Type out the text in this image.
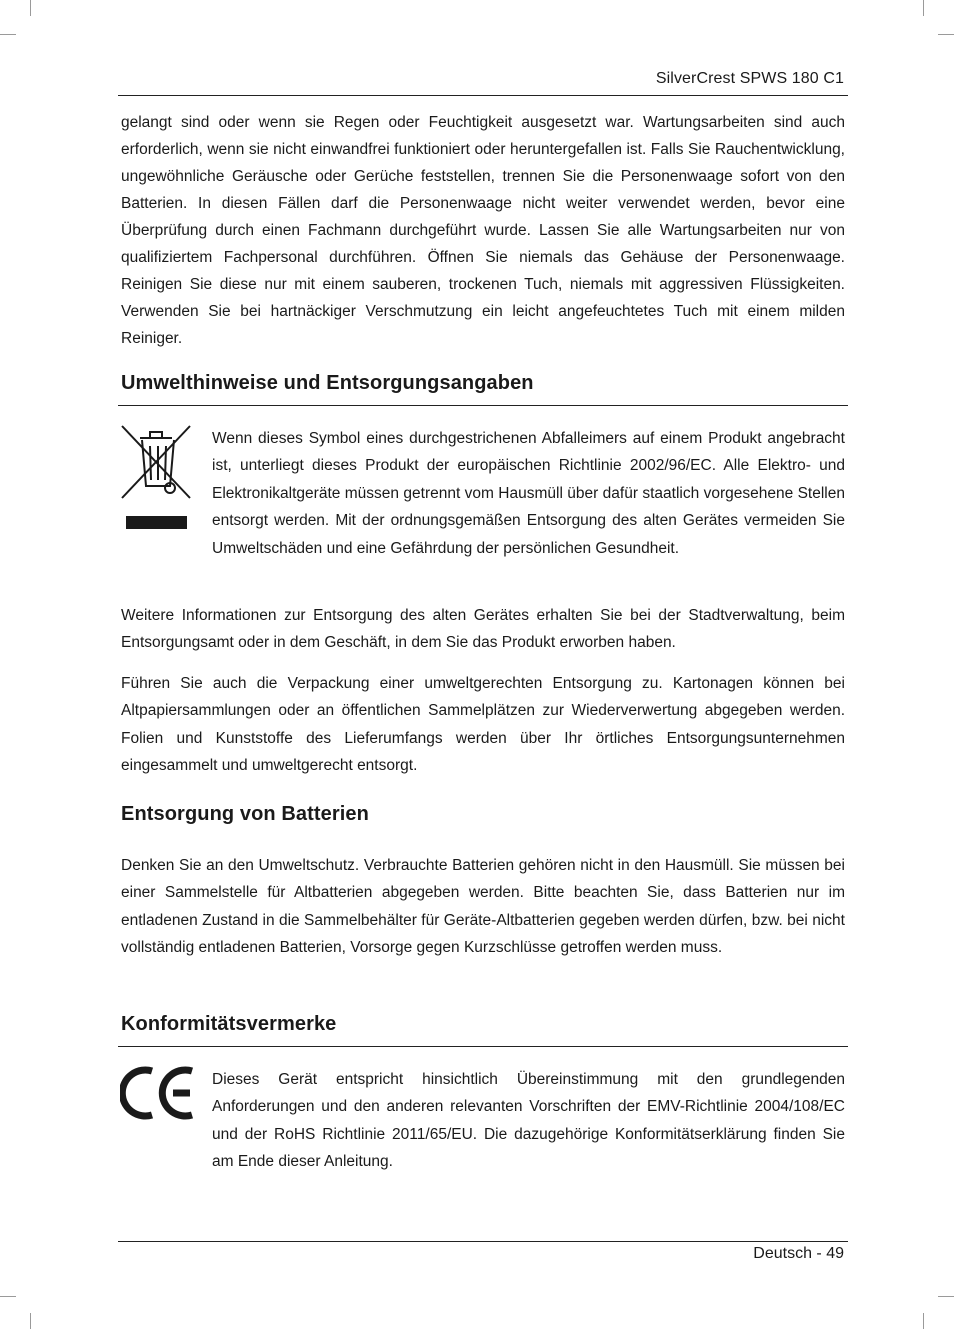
SilverCrest SPWS 180 C1

gelangt sind oder wenn sie Regen oder Feuchtigkeit ausgesetzt war. Wartungsarbeiten sind auch erforderlich, wenn sie nicht einwandfrei funktioniert oder heruntergefallen ist. Falls Sie Rauchentwicklung, ungewöhnliche Geräusche oder Gerüche feststellen, trennen Sie die Personenwaage sofort von den Batterien. In diesen Fällen darf die Personenwaage nicht weiter verwendet werden, bevor eine Überprüfung durch einen Fachmann durchgeführt wurde. Lassen Sie alle Wartungsarbeiten nur von qualifiziertem Fachpersonal durchführen. Öffnen Sie niemals das Gehäuse der Personenwaage. Reinigen Sie diese nur mit einem sauberen, trockenen Tuch, niemals mit aggressiven Flüssigkeiten. Verwenden Sie bei hartnäckiger Verschmutzung ein leicht angefeuchtetes Tuch mit einem milden Reiniger.

Umwelthinweise und Entsorgungsangaben

Wenn dieses Symbol eines durchgestrichenen Abfalleimers auf einem Produkt angebracht ist, unterliegt dieses Produkt der europäischen Richtlinie 2002/96/EC. Alle Elektro- und Elektronikaltgeräte müssen getrennt vom Hausmüll über dafür staatlich vorgesehene Stellen entsorgt werden. Mit der ordnungsgemäßen Entsorgung des alten Gerätes vermeiden Sie Umweltschäden und eine Gefährdung der persönlichen Gesundheit.

Weitere Informationen zur Entsorgung des alten Gerätes erhalten Sie bei der Stadtverwaltung, beim Entsorgungsamt oder in dem Geschäft, in dem Sie das Produkt erworben haben.

Führen Sie auch die Verpackung einer umweltgerechten Entsorgung zu. Kartonagen können bei Altpapiersammlungen oder an öffentlichen Sammelplätzen zur Wiederverwertung abgegeben werden. Folien und Kunststoffe des Lieferumfangs werden über Ihr örtliches Entsorgungsunternehmen eingesammelt und umweltgerecht entsorgt.

Entsorgung von Batterien

Denken Sie an den Umweltschutz. Verbrauchte Batterien gehören nicht in den Hausmüll. Sie müssen bei einer Sammelstelle für Altbatterien abgegeben werden. Bitte beachten Sie, dass Batterien nur im entladenen Zustand in die Sammelbehälter für Geräte-Altbatterien gegeben werden dürfen, bzw. bei nicht vollständig entladenen Batterien, Vorsorge gegen Kurzschlüsse getroffen werden muss.

Konformitätsvermerke

Dieses Gerät entspricht hinsichtlich Übereinstimmung mit den grundlegenden Anforderungen und den anderen relevanten Vorschriften der EMV-Richtlinie 2004/108/EC und der RoHS Richtlinie 2011/65/EU. Die dazugehörige Konformitätserklärung finden Sie am Ende dieser Anleitung.

Deutsch - 49
